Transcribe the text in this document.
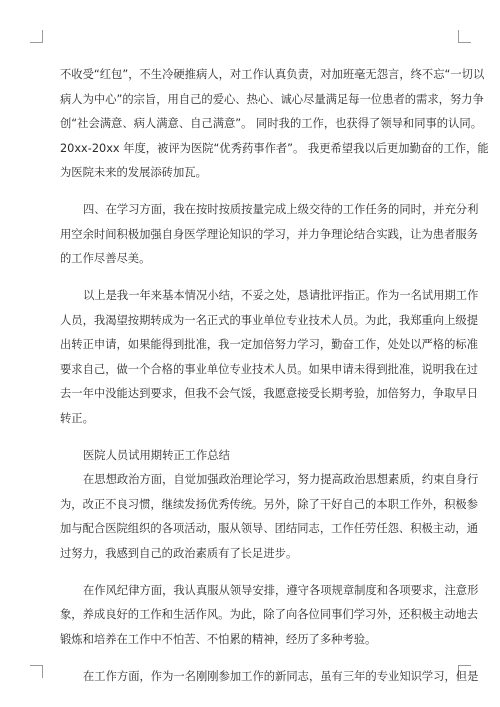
不收受“红包”，不生冷硬推病人，对工作认真负责，对加班毫无怨言，终不忘“一切以

病人为中心”的宗旨，用自己的爱心、热心、诚心尽量满足每一位患者的需求，努力争

创“社会满意、病人满意、自己满意”。 同时我的工作，也获得了领导和同事的认同。

20xx-20xx 年度，被评为医院“优秀药事作者”。 我更希望我以后更加勤奋的工作，能

为医院未来的发展添砖加瓦。

四、在学习方面，我在按时按质按量完成上级交待的工作任务的同时，并充分利

用空余时间积极加强自身医学理论知识的学习，并力争理论结合实践，让为患者服务

的工作尽善尽美。

以上是我一年来基本情况小结，不妥之处，恳请批评指正。作为一名试用期工作

人员，我渴望按期转成为一名正式的事业单位专业技术人员。为此，我郑重向上级提

出转正申请，如果能得到批准，我一定加倍努力学习，勤奋工作，处处以严格的标准

要求自己，做一个合格的事业单位专业技术人员。如果申请未得到批准，说明我在过

去一年中没能达到要求，但我不会气馁，我愿意接受长期考验，加倍努力，争取早日

转正。

医院人员试用期转正工作总结

在思想政治方面，自觉加强政治理论学习，努力提高政治思想素质，约束自身行

为，改正不良习惯，继续发扬优秀传统。另外，除了干好自己的本职工作外，积极参

加与配合医院组织的各项活动，服从领导、团结同志，工作任劳任怨、积极主动，通

过努力，我感到自己的政治素质有了长足进步。

在作风纪律方面，我认真服从领导安排，遵守各项规章制度和各项要求，注意形

象，养成良好的工作和生活作风。为此，除了向各位同事们学习外，还积极主动地去

锻炼和培养在工作中不怕苦、不怕累的精神，经历了多种考验。

在工作方面，作为一名刚刚参加工作的新同志，虽有三年的专业知识学习，但是
